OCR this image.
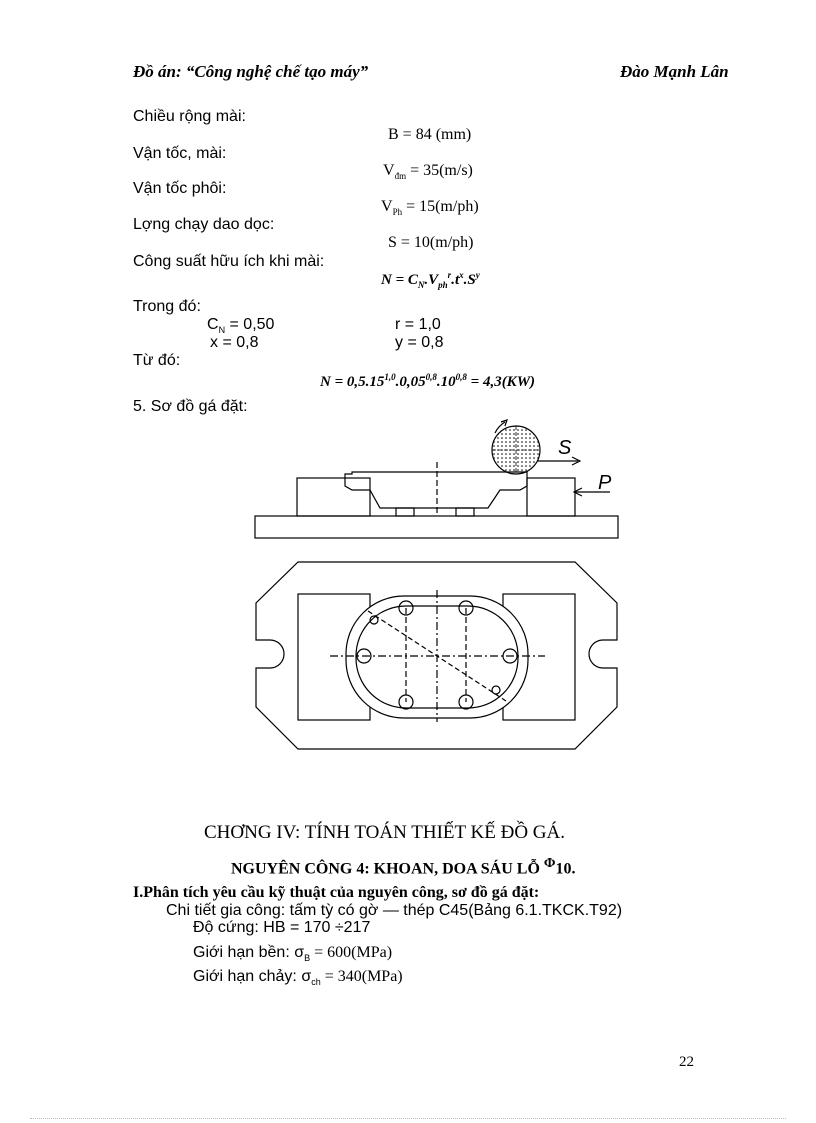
Đồ án: “Công nghệ chế tạo máy”	Đào Mạnh Lân
Chiều rộng mài:
B = 84 (mm)
Vận tốc, mài:
$V_{đm} = 35(m/s)$
Vận tốc phôi:
$V_{Ph} = 15(m/ph)$
Lợng chạy dao dọc:
S = 10(m/ph)
Công suất hữu ích khi mài:
$N = C_N.V_{ph}^r.t^x.S^y$
Trong đó:
$C_N = 0,50$	r = 1,0
x = 0,8	y = 0,8
Từ đó:
$N = 0,5.15^{1,0}.0,05^{0,8}.10^{0,8} = 4,3(KW)$
5. Sơ đồ gá đặt:
S
P
CHƠNG IV: TÍNH TOÁN THIẾT KẾ ĐỒ GÁ.
NGUYÊN CÔNG 4: KHOAN, DOA SÁU LỖ $^\Phi$10.
I.Phân tích yêu cầu kỹ thuật của nguyên công, sơ đồ gá đặt:
Chi tiết gia công: tấm tỳ có gờ — thép C45(Bảng 6.1.TKCK.T92)
Độ cứng: HB = 170 ÷217
Giới hạn bền: $\sigma_B = 600(MPa)$
Giới hạn chảy: $\sigma_{ch} = 340(MPa)$
22
